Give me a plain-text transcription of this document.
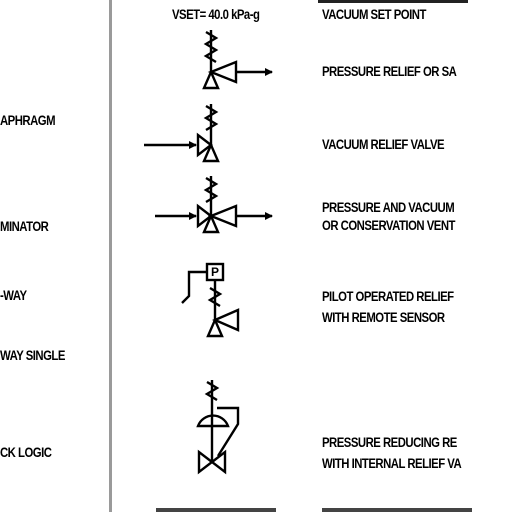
VSET= 40.0 kPa-g	VACUUM SET POINT
APHRAGM
MINATOR
-WAY
WAY SINGLE
CK LOGIC
PRESSURE RELIEF OR SA
VACUUM RELIEF VALVE
PRESSURE AND VACUUM
OR CONSERVATION VENT
PILOT OPERATED RELIEF
WITH REMOTE SENSOR
PRESSURE REDUCING RE
WITH INTERNAL RELIEF VA
P
